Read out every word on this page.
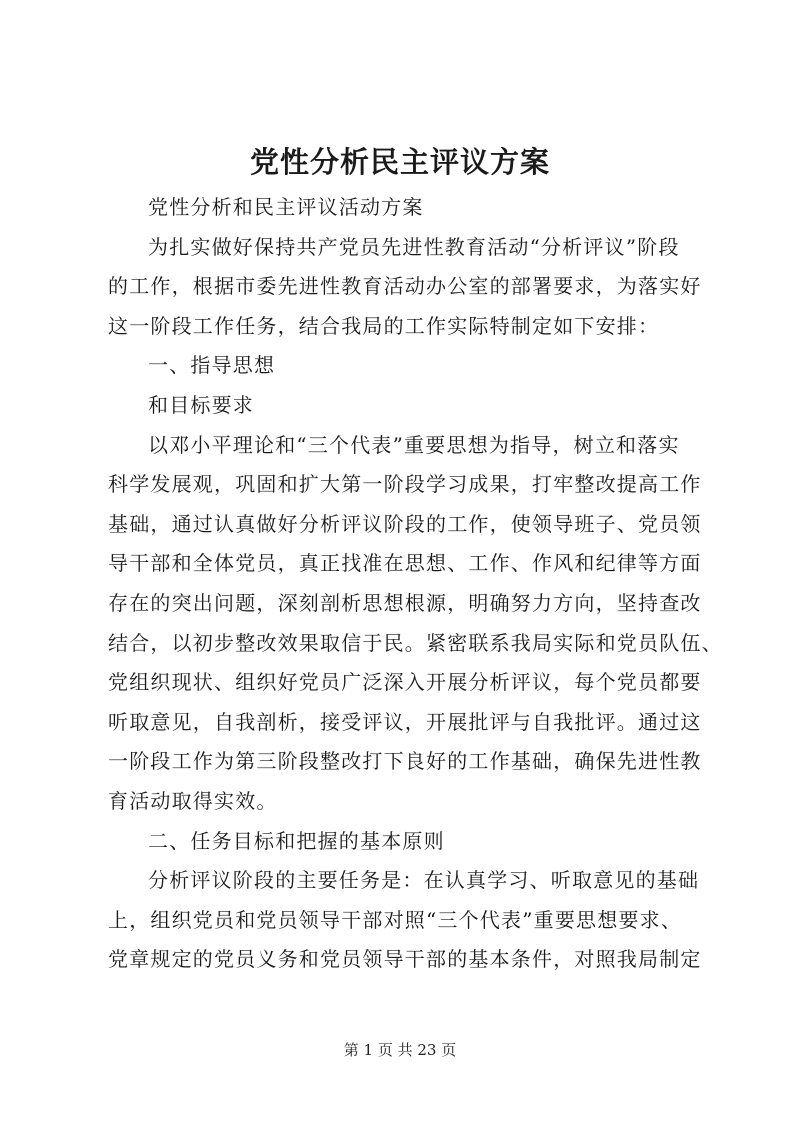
党性分析民主评议方案
党性分析和民主评议活动方案
为扎实做好保持共产党员先进性教育活动“分析评议”阶段
的工作，根据市委先进性教育活动办公室的部署要求，为落实好
这一阶段工作任务，结合我局的工作实际特制定如下安排：
一、指导思想
和目标要求
以邓小平理论和“三个代表”重要思想为指导，树立和落实
科学发展观，巩固和扩大第一阶段学习成果，打牢整改提高工作
基础，通过认真做好分析评议阶段的工作，使领导班子、党员领
导干部和全体党员，真正找准在思想、工作、作风和纪律等方面
存在的突出问题，深刻剖析思想根源，明确努力方向，坚持查改
结合，以初步整改效果取信于民。紧密联系我局实际和党员队伍、
党组织现状、组织好党员广泛深入开展分析评议，每个党员都要
听取意见，自我剖析，接受评议，开展批评与自我批评。通过这
一阶段工作为第三阶段整改打下良好的工作基础，确保先进性教
育活动取得实效。
二、任务目标和把握的基本原则
分析评议阶段的主要任务是：在认真学习、听取意见的基础
上，组织党员和党员领导干部对照“三个代表”重要思想要求、
党章规定的党员义务和党员领导干部的基本条件，对照我局制定
第 1 页 共 23 页
